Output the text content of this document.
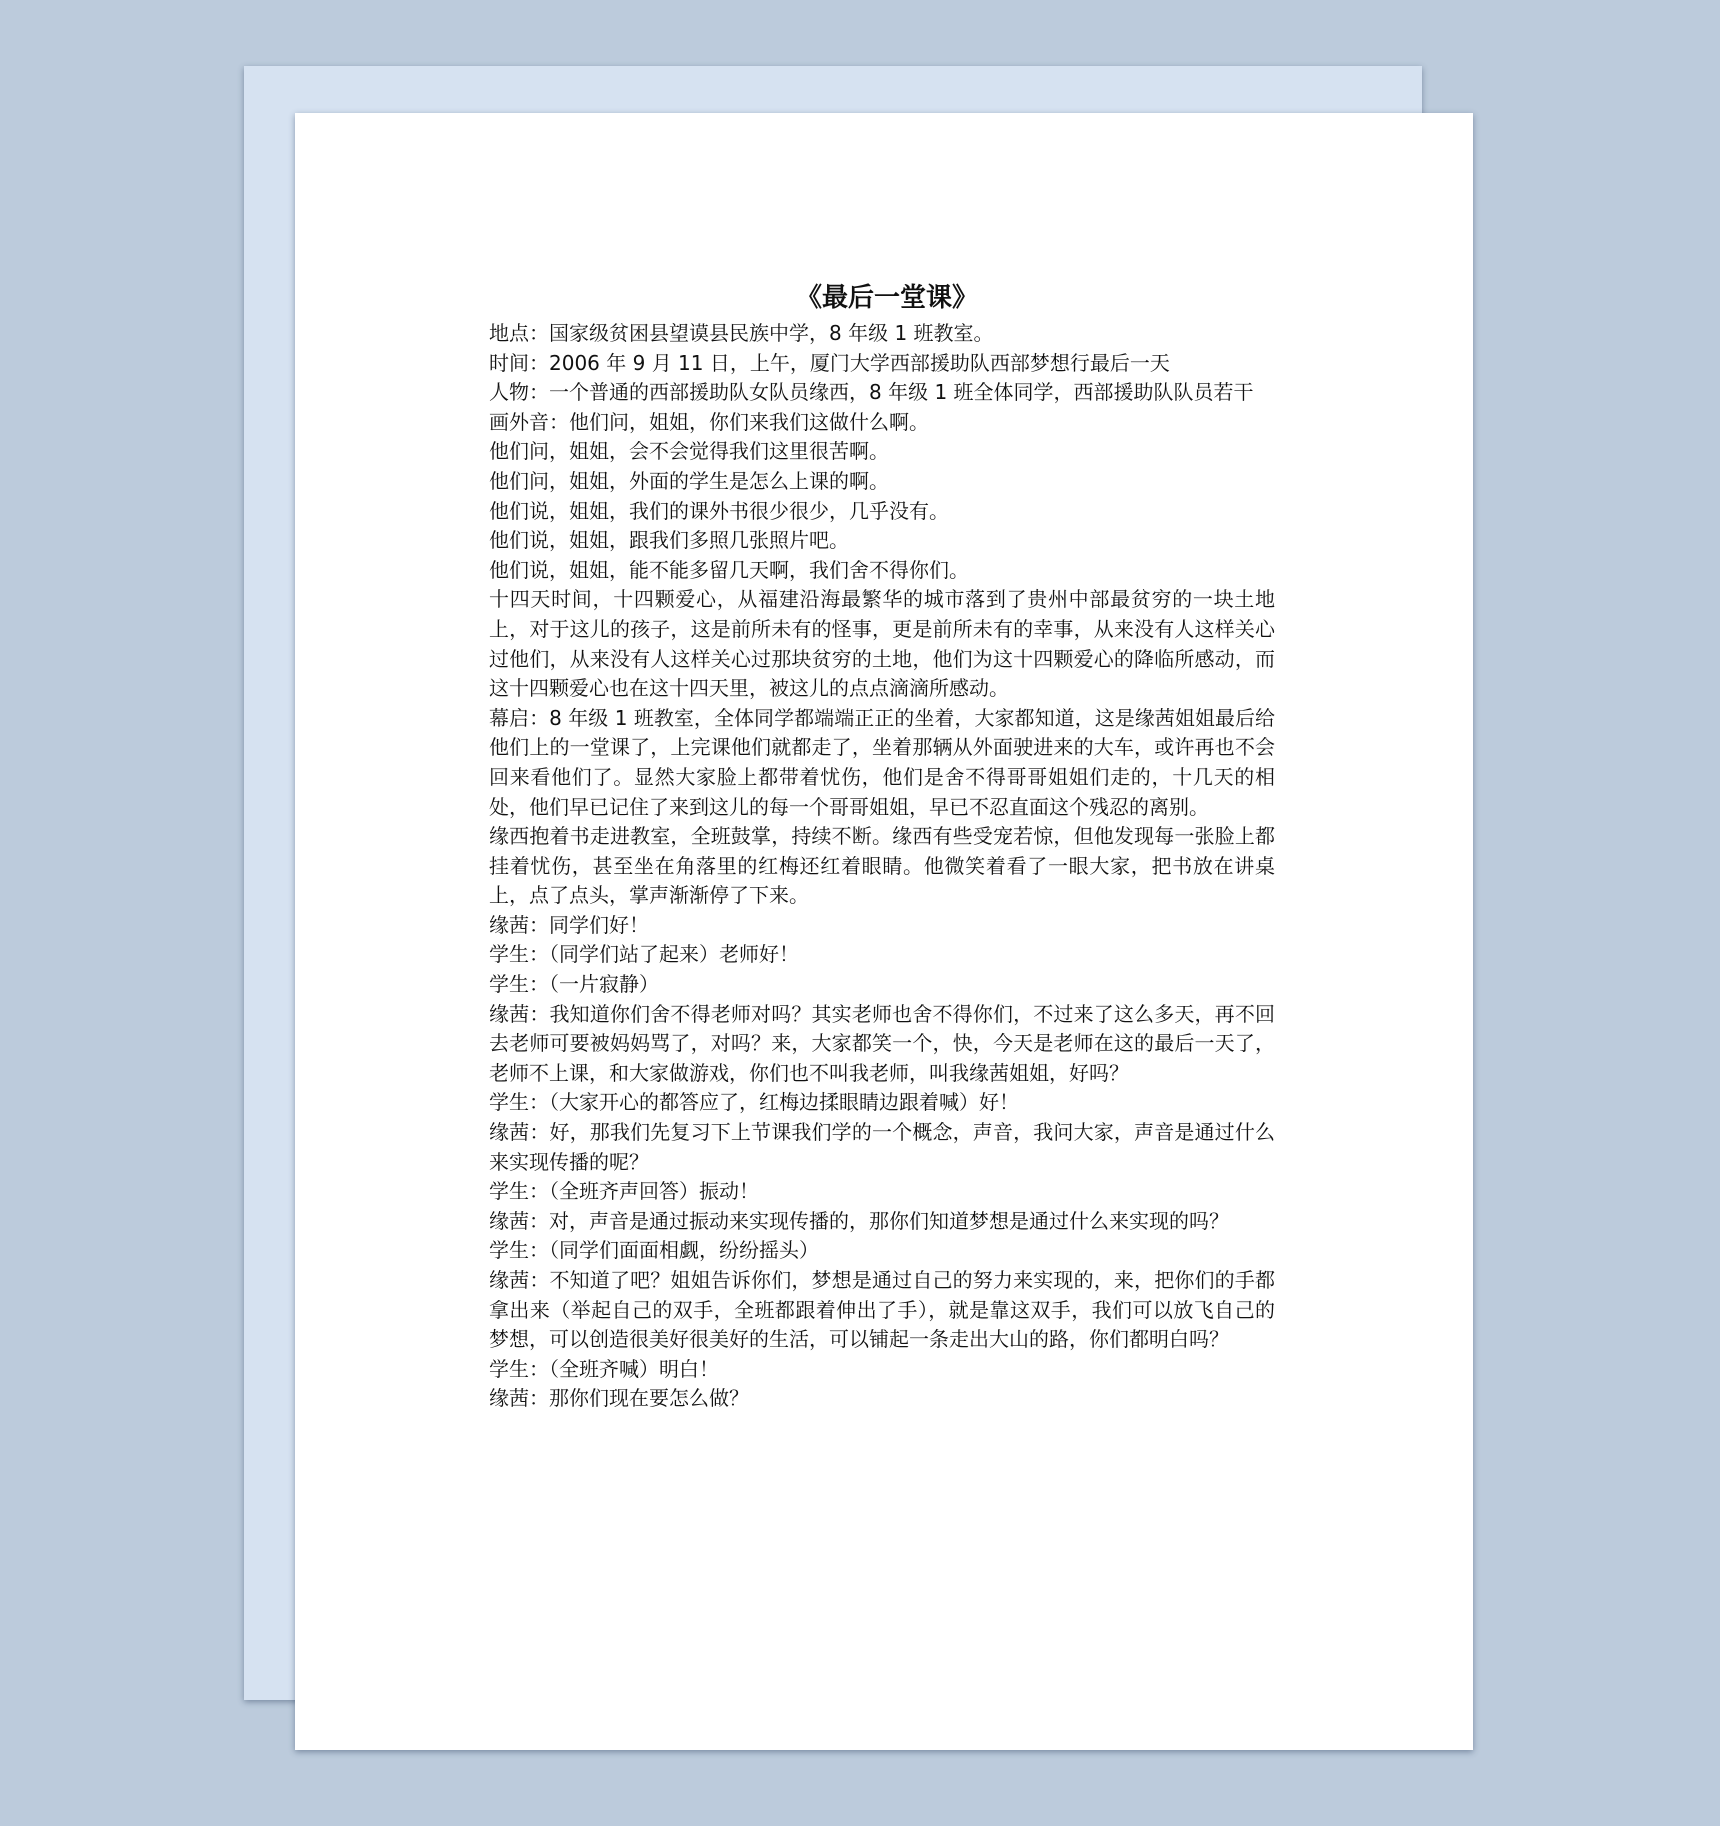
《最后一堂课》

地点：国家级贫困县望谟县民族中学，8 年级 1 班教室。

时间：2006 年 9 月 11 日，上午，厦门大学西部援助队西部梦想行最后一天

人物：一个普通的西部援助队女队员缘西，8 年级 1 班全体同学，西部援助队队员若干

画外音：他们问，姐姐，你们来我们这做什么啊。

他们问，姐姐，会不会觉得我们这里很苦啊。

他们问，姐姐，外面的学生是怎么上课的啊。

他们说，姐姐，我们的课外书很少很少，几乎没有。

他们说，姐姐，跟我们多照几张照片吧。

他们说，姐姐，能不能多留几天啊，我们舍不得你们。

十四天时间，十四颗爱心，从福建沿海最繁华的城市落到了贵州中部最贫穷的一块土地上，对于这儿的孩子，这是前所未有的怪事，更是前所未有的幸事，从来没有人这样关心过他们，从来没有人这样关心过那块贫穷的土地，他们为这十四颗爱心的降临所感动，而这十四颗爱心也在这十四天里，被这儿的点点滴滴所感动。

幕启：8 年级 1 班教室，全体同学都端端正正的坐着，大家都知道，这是缘茜姐姐最后给他们上的一堂课了，上完课他们就都走了，坐着那辆从外面驶进来的大车，或许再也不会回来看他们了。显然大家脸上都带着忧伤，他们是舍不得哥哥姐姐们走的，十几天的相处，他们早已记住了来到这儿的每一个哥哥姐姐，早已不忍直面这个残忍的离别。

缘西抱着书走进教室，全班鼓掌，持续不断。缘西有些受宠若惊，但他发现每一张脸上都挂着忧伤，甚至坐在角落里的红梅还红着眼睛。他微笑着看了一眼大家，把书放在讲桌上，点了点头，掌声渐渐停了下来。

缘茜：同学们好！

学生：（同学们站了起来）老师好！

学生：（一片寂静）

缘茜：我知道你们舍不得老师对吗？其实老师也舍不得你们，不过来了这么多天，再不回去老师可要被妈妈骂了，对吗？来，大家都笑一个，快，今天是老师在这的最后一天了，老师不上课，和大家做游戏，你们也不叫我老师，叫我缘茜姐姐，好吗？

学生：（大家开心的都答应了，红梅边揉眼睛边跟着喊）好！

缘茜：好，那我们先复习下上节课我们学的一个概念，声音，我问大家，声音是通过什么来实现传播的呢？

学生：（全班齐声回答）振动！

缘茜：对，声音是通过振动来实现传播的，那你们知道梦想是通过什么来实现的吗？

学生：（同学们面面相觑，纷纷摇头）

缘茜：不知道了吧？姐姐告诉你们，梦想是通过自己的努力来实现的，来，把你们的手都拿出来（举起自己的双手，全班都跟着伸出了手），就是靠这双手，我们可以放飞自己的梦想，可以创造很美好很美好的生活，可以铺起一条走出大山的路，你们都明白吗？

学生：（全班齐喊）明白！

缘茜：那你们现在要怎么做？
